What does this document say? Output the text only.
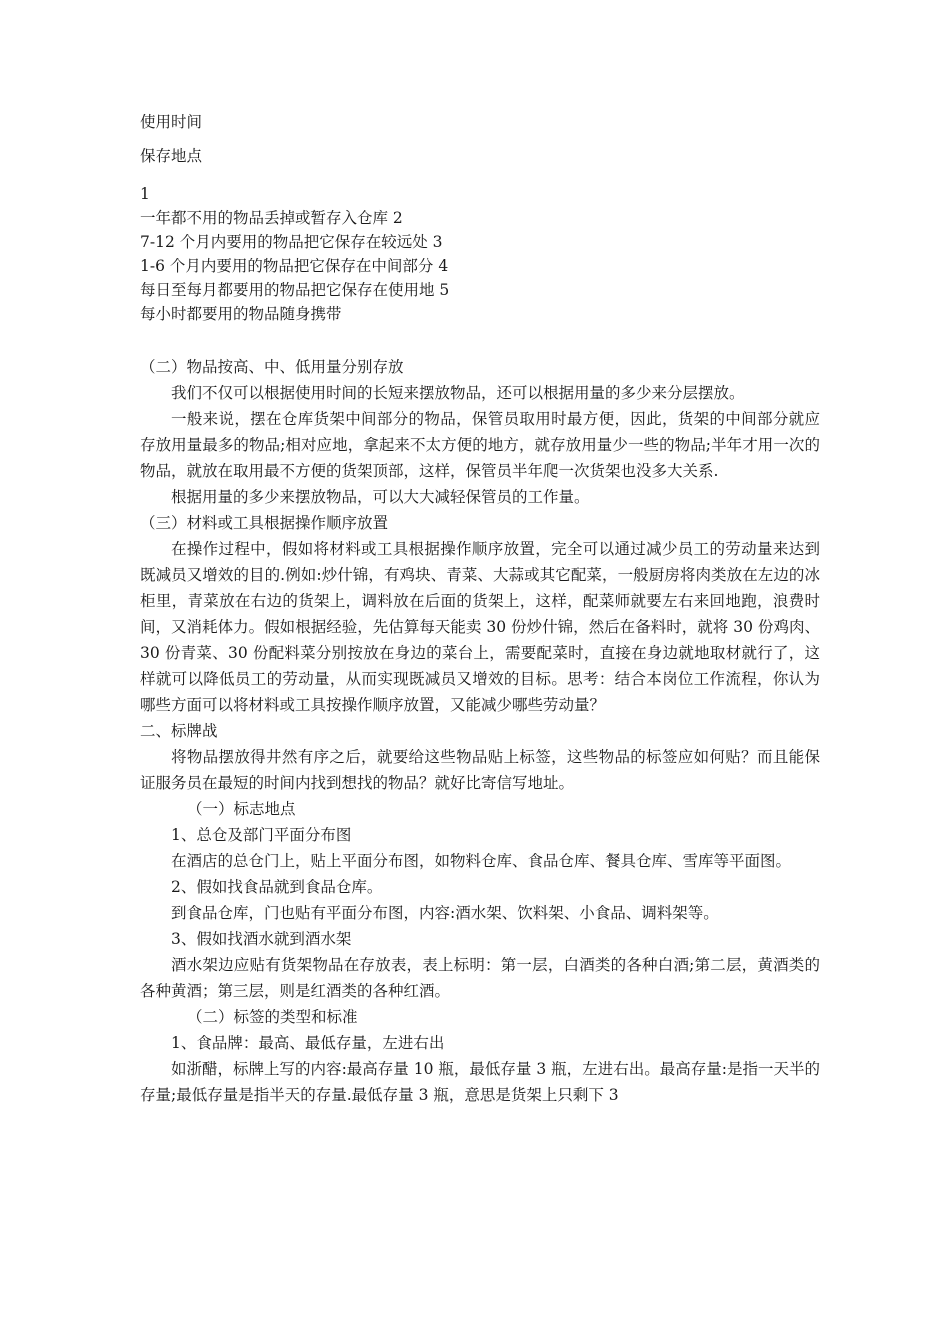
使用时间
保存地点
1
一年都不用的物品丢掉或暂存入仓库 2
7-12 个月内要用的物品把它保存在较远处 3
1-6 个月内要用的物品把它保存在中间部分 4
每日至每月都要用的物品把它保存在使用地 5
每小时都要用的物品随身携带
（二）物品按高、中、低用量分别存放
我们不仅可以根据使用时间的长短来摆放物品，还可以根据用量的多少来分层摆放。
一般来说，摆在仓库货架中间部分的物品，保管员取用时最方便，因此，货架的中间部分就应存放用量最多的物品;相对应地，拿起来不太方便的地方，就存放用量少一些的物品;半年才用一次的物品，就放在取用最不方便的货架顶部，这样，保管员半年爬一次货架也没多大关系.
根据用量的多少来摆放物品，可以大大减轻保管员的工作量。
（三）材料或工具根据操作顺序放置
在操作过程中，假如将材料或工具根据操作顺序放置，完全可以通过减少员工的劳动量来达到既减员又增效的目的.例如:炒什锦，有鸡块、青菜、大蒜或其它配菜，一般厨房将肉类放在左边的冰柜里，青菜放在右边的货架上，调料放在后面的货架上，这样，配菜师就要左右来回地跑，浪费时间，又消耗体力。假如根据经验，先估算每天能卖 30 份炒什锦，然后在备料时，就将 30 份鸡肉、30 份青菜、30 份配料菜分别按放在身边的菜台上，需要配菜时，直接在身边就地取材就行了，这样就可以降低员工的劳动量，从而实现既减员又增效的目标。思考：结合本岗位工作流程，你认为哪些方面可以将材料或工具按操作顺序放置，又能减少哪些劳动量？
二、标牌战
将物品摆放得井然有序之后，就要给这些物品贴上标签，这些物品的标签应如何贴？而且能保证服务员在最短的时间内找到想找的物品？就好比寄信写地址。
（一）标志地点
1、总仓及部门平面分布图
在酒店的总仓门上，贴上平面分布图，如物料仓库、食品仓库、餐具仓库、雪库等平面图。
2、假如找食品就到食品仓库。
到食品仓库，门也贴有平面分布图，内容:酒水架、饮料架、小食品、调料架等。
3、假如找酒水就到酒水架
酒水架边应贴有货架物品在存放表，表上标明：第一层，白酒类的各种白酒;第二层，黄酒类的各种黄酒；第三层，则是红酒类的各种红酒。
（二）标签的类型和标准
1、食品牌：最高、最低存量，左进右出
如浙醋，标牌上写的内容:最高存量 10 瓶，最低存量 3 瓶，左进右出。最高存量:是指一天半的存量;最低存量是指半天的存量.最低存量 3 瓶，意思是货架上只剩下 3
